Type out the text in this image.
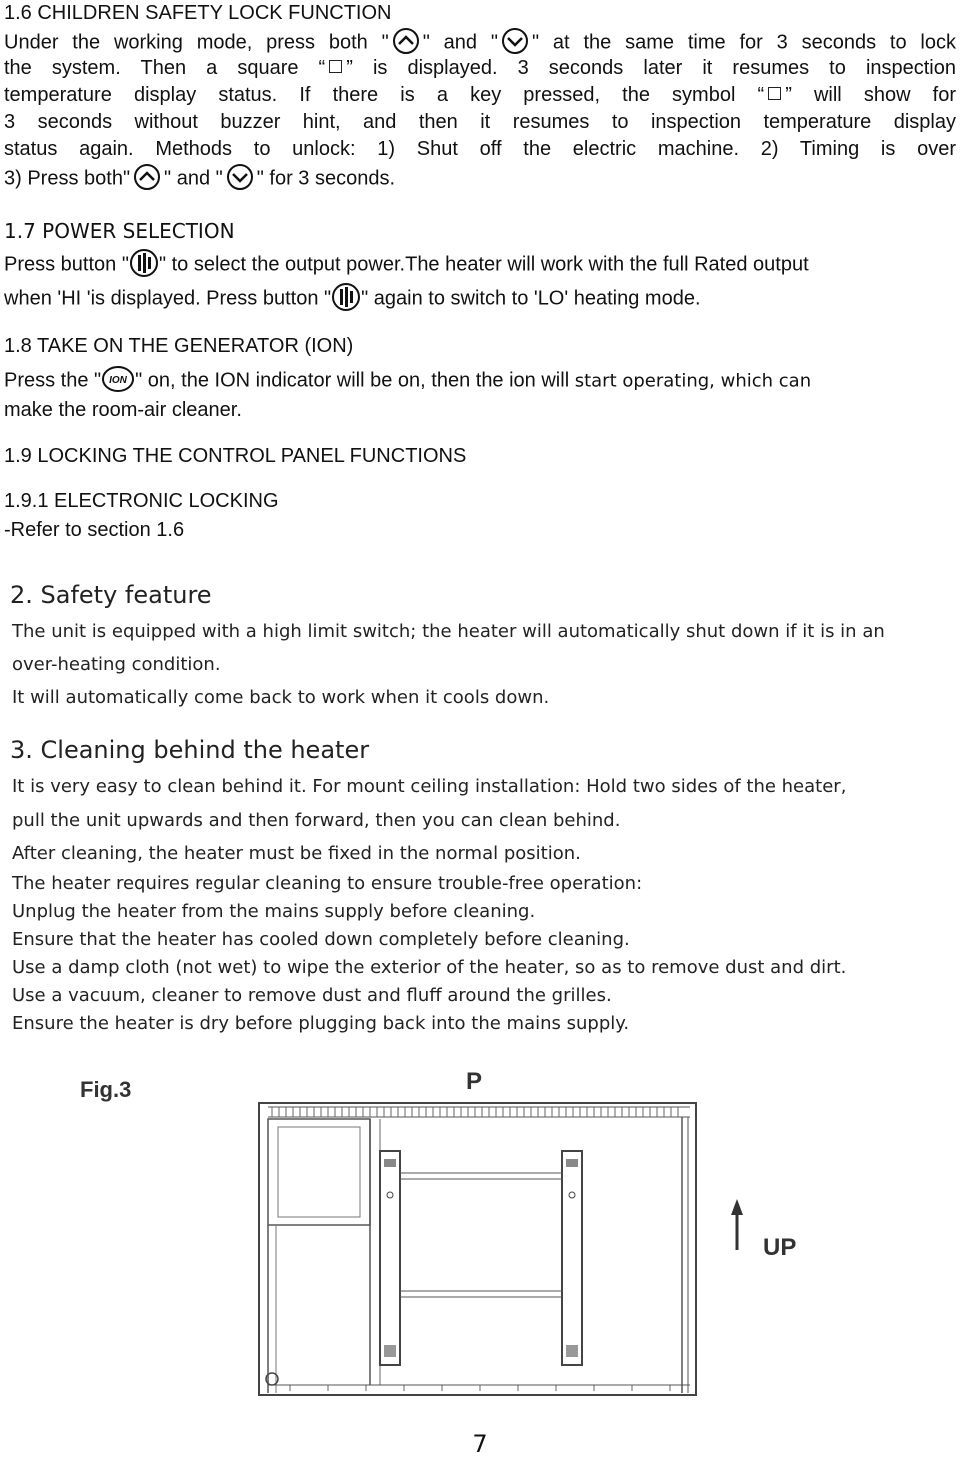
1.6 CHILDREN SAFETY LOCK FUNCTION
Under the working mode, press both " " and " " at the same time for 3 seconds to lock
the system. Then a square “ ” is displayed. 3 seconds later it resumes to inspection
temperature display status. If there is a key pressed, the symbol “ ” will show for
3 seconds without buzzer hint, and then it resumes to inspection temperature display
status again. Methods to unlock: 1) Shut off the electric machine. 2) Timing is over
3) Press both" " and " " for 3 seconds.
1.7 POWER SELECTION
Press button " " to select the output power.The heater will work with the full Rated output
when 'HI 'is displayed. Press button " " again to switch to 'LO' heating mode.
1.8 TAKE ON THE GENERATOR (ION)
Press the " ION " on, the ION indicator will be on, then the ion will start operating, which can
make the room-air cleaner.
1.9 LOCKING THE CONTROL PANEL FUNCTIONS
1.9.1 ELECTRONIC LOCKING
-Refer to section 1.6
2. Safety feature
The unit is equipped with a high limit switch; the heater will automatically shut down if it is in an
over-heating condition.
It will automatically come back to work when it cools down.
3. Cleaning behind the heater
It is very easy to clean behind it. For mount ceiling installation: Hold two sides of the heater,
pull the unit upwards and then forward, then you can clean behind.
After cleaning, the heater must be fixed in the normal position.
The heater requires regular cleaning to ensure trouble-free operation:
Unplug the heater from the mains supply before cleaning.
Ensure that the heater has cooled down completely before cleaning.
Use a damp cloth (not wet) to wipe the exterior of the heater, so as to remove dust and dirt.
Use a vacuum, cleaner to remove dust and fluff around the grilles.
Ensure the heater is dry before plugging back into the mains supply.
Fig.3	P
UP
7
